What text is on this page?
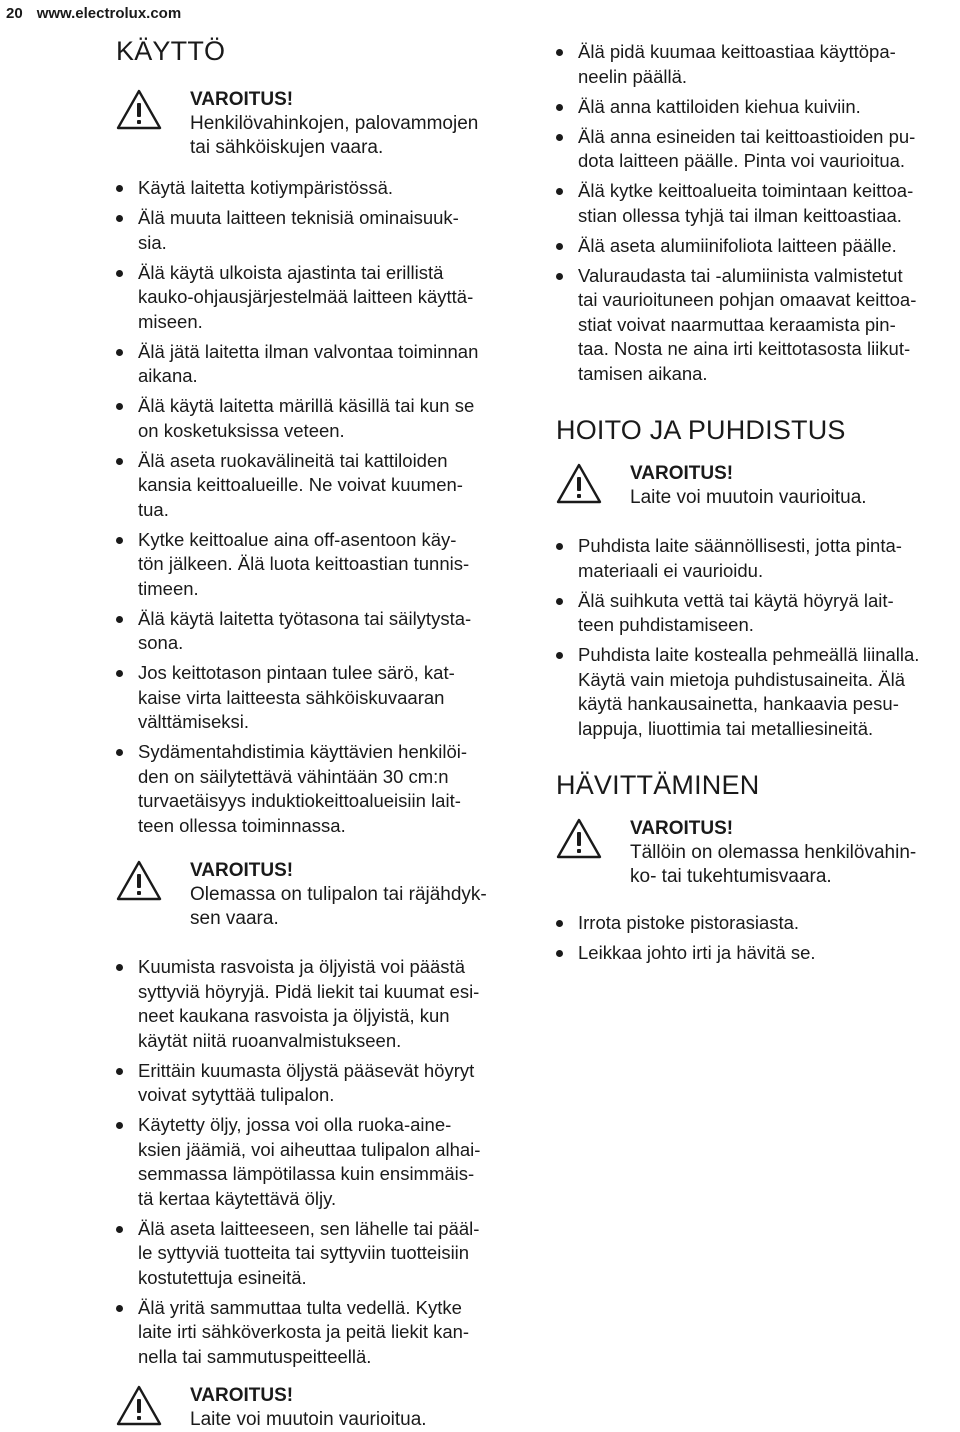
20 www.electrolux.com
KÄYTTÖ
VAROITUS!
Henkilövahinkojen, palovammojen
tai sähköiskujen vaara.
Käytä laitetta kotiympäristössä.
Älä muuta laitteen teknisiä ominaisuuk-
sia.
Älä käytä ulkoista ajastinta tai erillistä
kauko-ohjausjärjestelmää laitteen käyttä-
miseen.
Älä jätä laitetta ilman valvontaa toiminnan
aikana.
Älä käytä laitetta märillä käsillä tai kun se
on kosketuksissa veteen.
Älä aseta ruokavälineitä tai kattiloiden
kansia keittoalueille. Ne voivat kuumen-
tua.
Kytke keittoalue aina off-asentoon käy-
tön jälkeen. Älä luota keittoastian tunnis-
timeen.
Älä käytä laitetta työtasona tai säilytysta-
sona.
Jos keittotason pintaan tulee särö, kat-
kaise virta laitteesta sähköiskuvaaran
välttämiseksi.
Sydämentahdistimia käyttävien henkilöi-
den on säilytettävä vähintään 30 cm:n
turvaetäisyys induktiokeittoalueisiin lait-
teen ollessa toiminnassa.
VAROITUS!
Olemassa on tulipalon tai räjähdyk-
sen vaara.
Kuumista rasvoista ja öljyistä voi päästä
syttyviä höyryjä. Pidä liekit tai kuumat esi-
neet kaukana rasvoista ja öljyistä, kun
käytät niitä ruoanvalmistukseen.
Erittäin kuumasta öljystä pääsevät höyryt
voivat sytyttää tulipalon.
Käytetty öljy, jossa voi olla ruoka-aine-
ksien jäämiä, voi aiheuttaa tulipalon alhai-
semmassa lämpötilassa kuin ensimmäis-
tä kertaa käytettävä öljy.
Älä aseta laitteeseen, sen lähelle tai pääl-
le syttyviä tuotteita tai syttyviin tuotteisiin
kostutettuja esineitä.
Älä yritä sammuttaa tulta vedellä. Kytke
laite irti sähköverkosta ja peitä liekit kan-
nella tai sammutuspeitteellä.
VAROITUS!
Laite voi muutoin vaurioitua.
Älä pidä kuumaa keittoastiaa käyttöpa-
neelin päällä.
Älä anna kattiloiden kiehua kuiviin.
Älä anna esineiden tai keittoastioiden pu-
dota laitteen päälle. Pinta voi vaurioitua.
Älä kytke keittoalueita toimintaan keittoa-
stian ollessa tyhjä tai ilman keittoastiaa.
Älä aseta alumiinifoliota laitteen päälle.
Valuraudasta tai -alumiinista valmistetut
tai vaurioituneen pohjan omaavat keittoa-
stiat voivat naarmuttaa keraamista pin-
taa. Nosta ne aina irti keittotasosta liikut-
tamisen aikana.
HOITO JA PUHDISTUS
VAROITUS!
Laite voi muutoin vaurioitua.
Puhdista laite säännöllisesti, jotta pinta-
materiaali ei vaurioidu.
Älä suihkuta vettä tai käytä höyryä lait-
teen puhdistamiseen.
Puhdista laite kostealla pehmeällä liinalla.
Käytä vain mietoja puhdistusaineita. Älä
käytä hankausainetta, hankaavia pesu-
lappuja, liuottimia tai metalliesineitä.
HÄVITTÄMINEN
VAROITUS!
Tällöin on olemassa henkilövahin-
ko- tai tukehtumisvaara.
Irrota pistoke pistorasiasta.
Leikkaa johto irti ja hävitä se.
